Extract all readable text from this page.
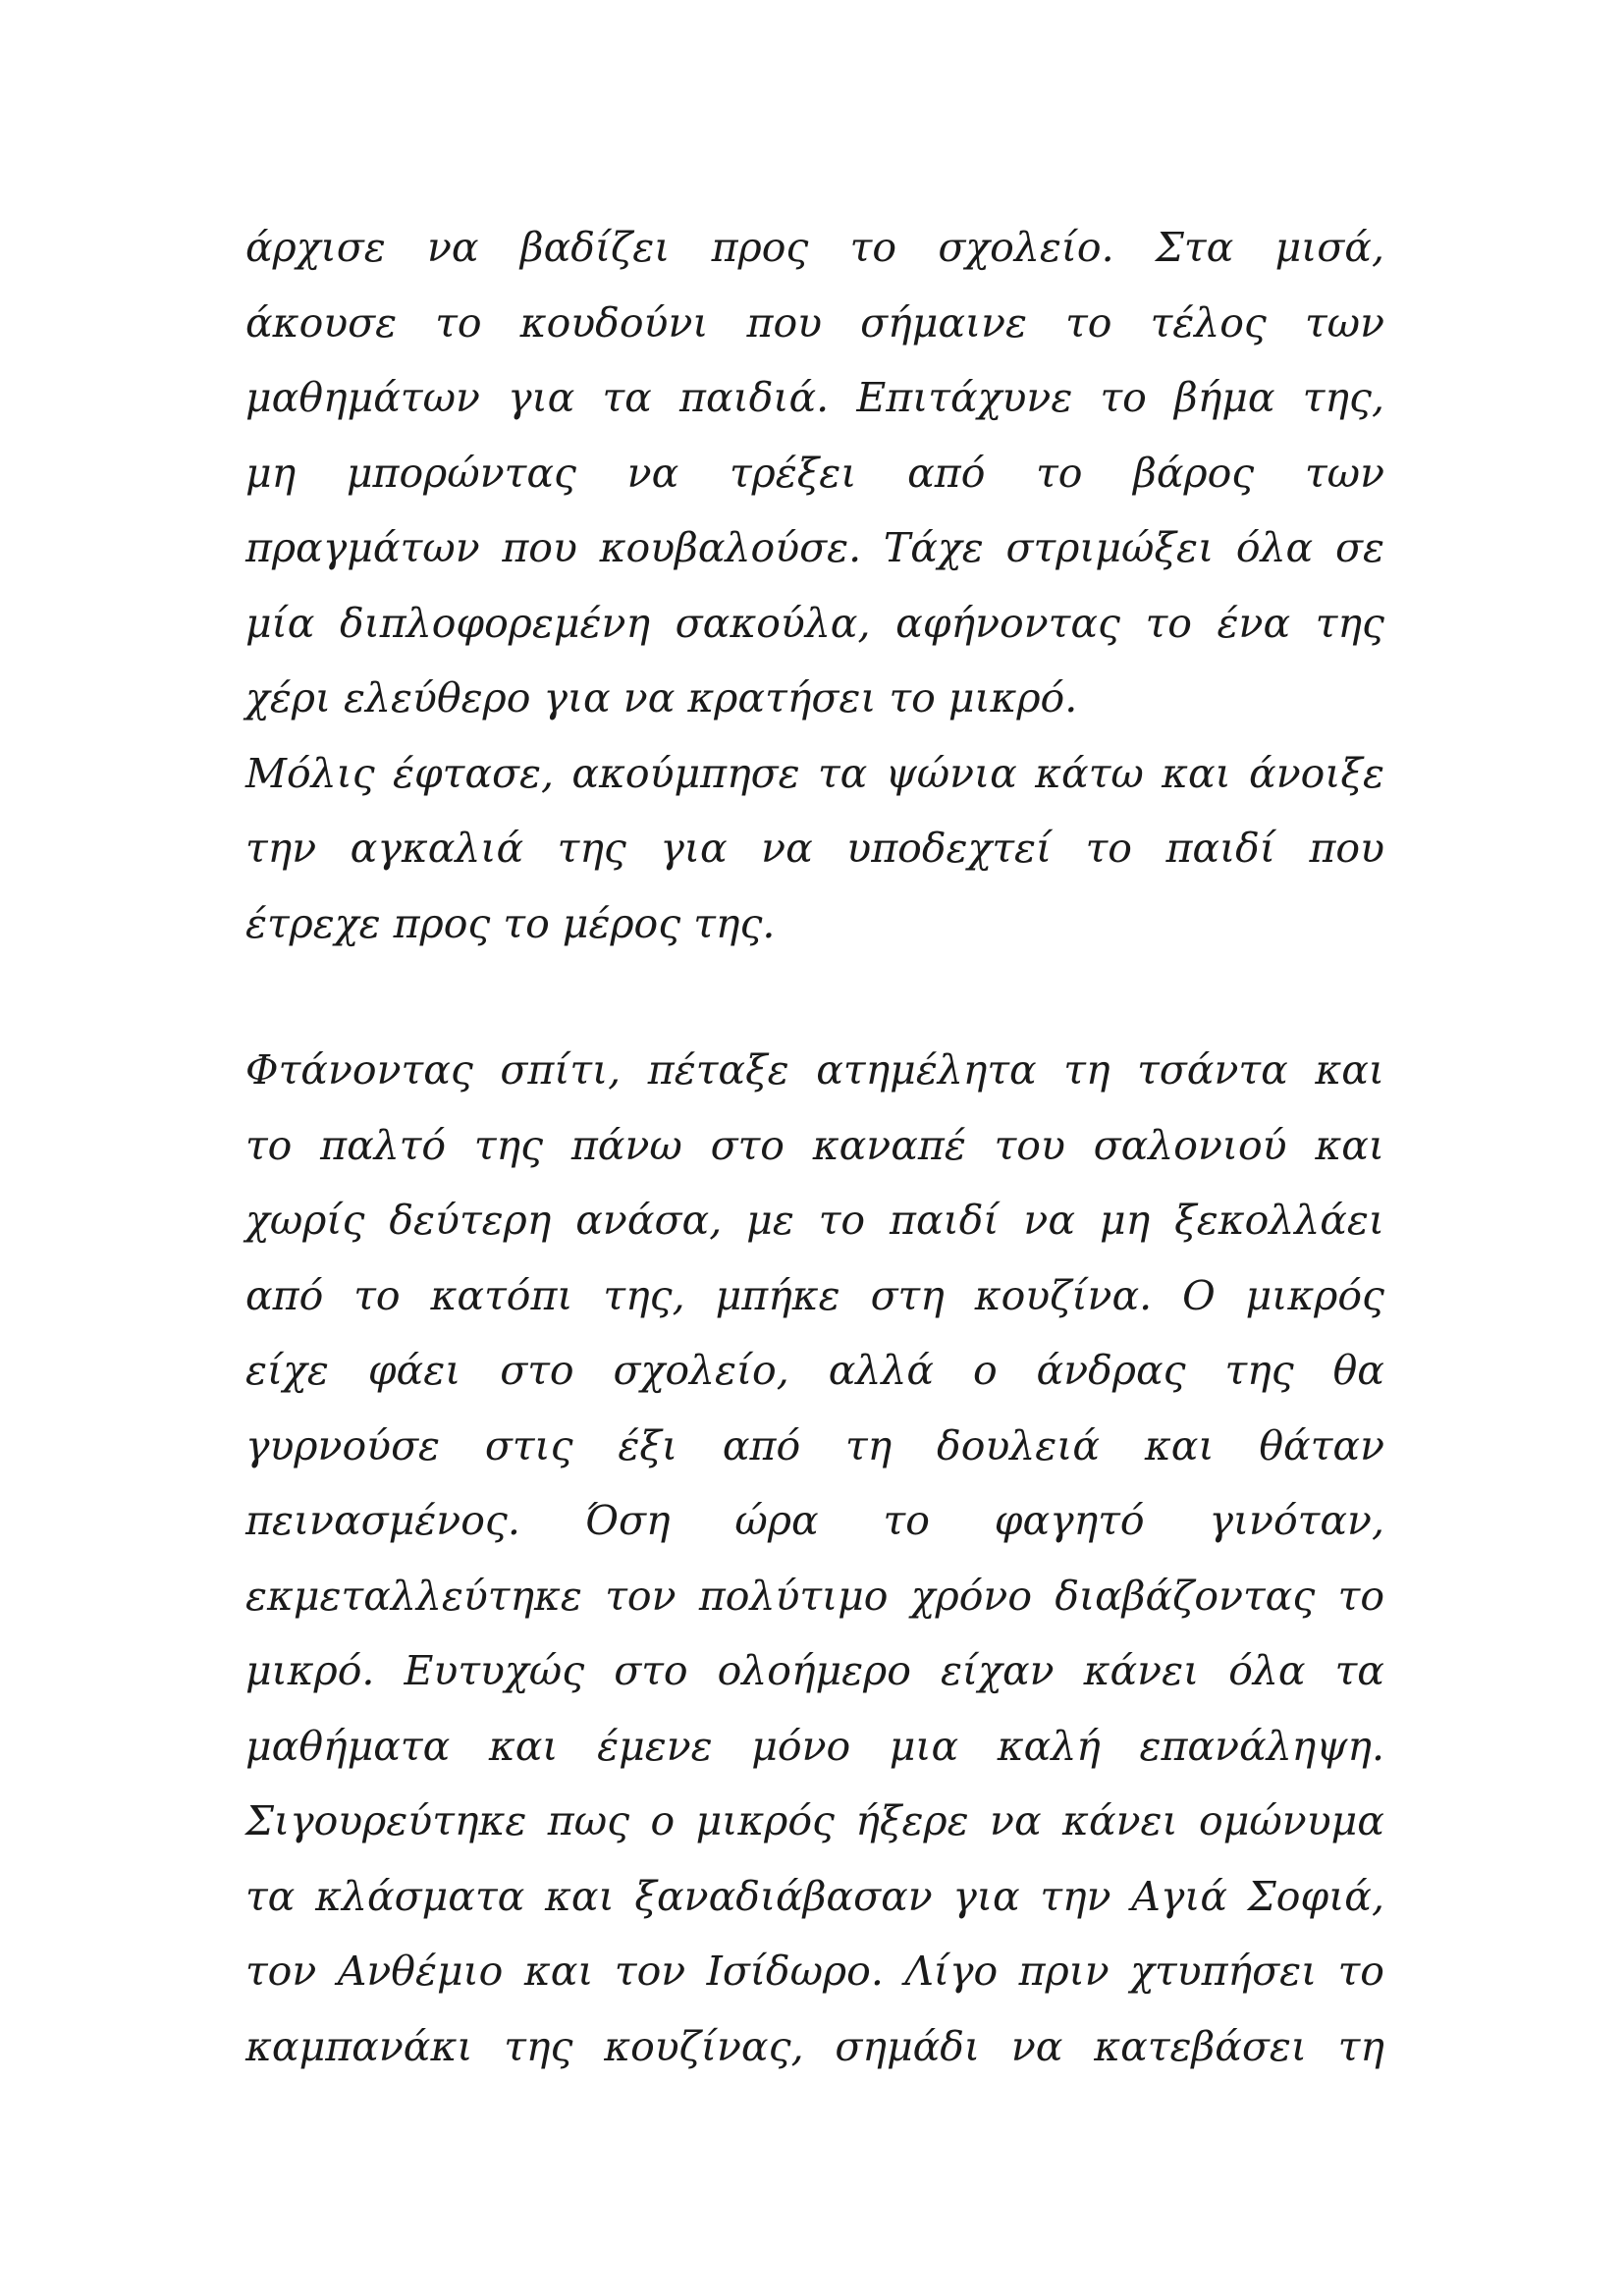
άρχισε να βαδίζει προς το σχολείο. Στα μισά,
άκουσε το κουδούνι που σήμαινε το τέλος των
μαθημάτων για τα παιδιά. Επιτάχυνε το βήμα της,
μη μπορώντας να τρέξει από το βάρος των
πραγμάτων που κουβαλούσε. Τάχε στριμώξει όλα σε
μία διπλοφορεμένη σακούλα, αφήνοντας το ένα της
χέρι ελεύθερο για να κρατήσει το μικρό.
Μόλις έφτασε, ακούμπησε τα ψώνια κάτω και άνοιξε
την αγκαλιά της για να υποδεχτεί το παιδί που
έτρεχε προς το μέρος της.
Φτάνοντας σπίτι, πέταξε ατημέλητα τη τσάντα και
το παλτό της πάνω στο καναπέ του σαλονιού και
χωρίς δεύτερη ανάσα, με το παιδί να μη ξεκολλάει
από το κατόπι της, μπήκε στη κουζίνα. Ο μικρός
είχε φάει στο σχολείο, αλλά ο άνδρας της θα
γυρνούσε στις έξι από τη δουλειά και θάταν
πεινασμένος. Όση ώρα το φαγητό γινόταν,
εκμεταλλεύτηκε τον πολύτιμο χρόνο διαβάζοντας το
μικρό. Ευτυχώς στο ολοήμερο είχαν κάνει όλα τα
μαθήματα και έμενε μόνο μια καλή επανάληψη.
Σιγουρεύτηκε πως ο μικρός ήξερε να κάνει ομώνυμα
τα κλάσματα και ξαναδιάβασαν για την Αγιά Σοφιά,
τον Ανθέμιο και τον Ισίδωρο. Λίγο πριν χτυπήσει το
καμπανάκι της κουζίνας, σημάδι να κατεβάσει τη
